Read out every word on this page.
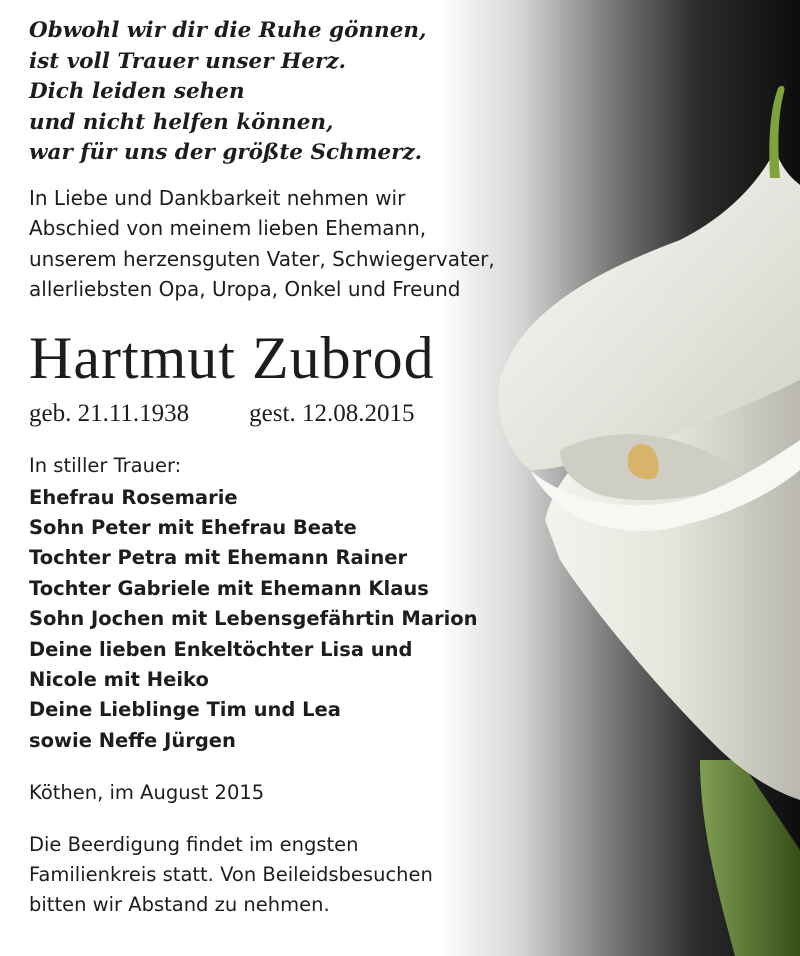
Obwohl wir dir die Ruhe gönnen,
ist voll Trauer unser Herz.
Dich leiden sehen
und nicht helfen können,
war für uns der größte Schmerz.
In Liebe und Dankbarkeit nehmen wir
Abschied von meinem lieben Ehemann,
unserem herzensguten Vater, Schwiegervater,
allerliebsten Opa, Uropa, Onkel und Freund
Hartmut Zubrod
geb. 21.11.1938 gest. 12.08.2015
In stiller Trauer:
Ehefrau Rosemarie
Sohn Peter mit Ehefrau Beate
Tochter Petra mit Ehemann Rainer
Tochter Gabriele mit Ehemann Klaus
Sohn Jochen mit Lebensgefährtin Marion
Deine lieben Enkeltöchter Lisa und
Nicole mit Heiko
Deine Lieblinge Tim und Lea
sowie Neffe Jürgen
Köthen, im August 2015
Die Beerdigung findet im engsten
Familienkreis statt. Von Beileidsbesuchen
bitten wir Abstand zu nehmen.
